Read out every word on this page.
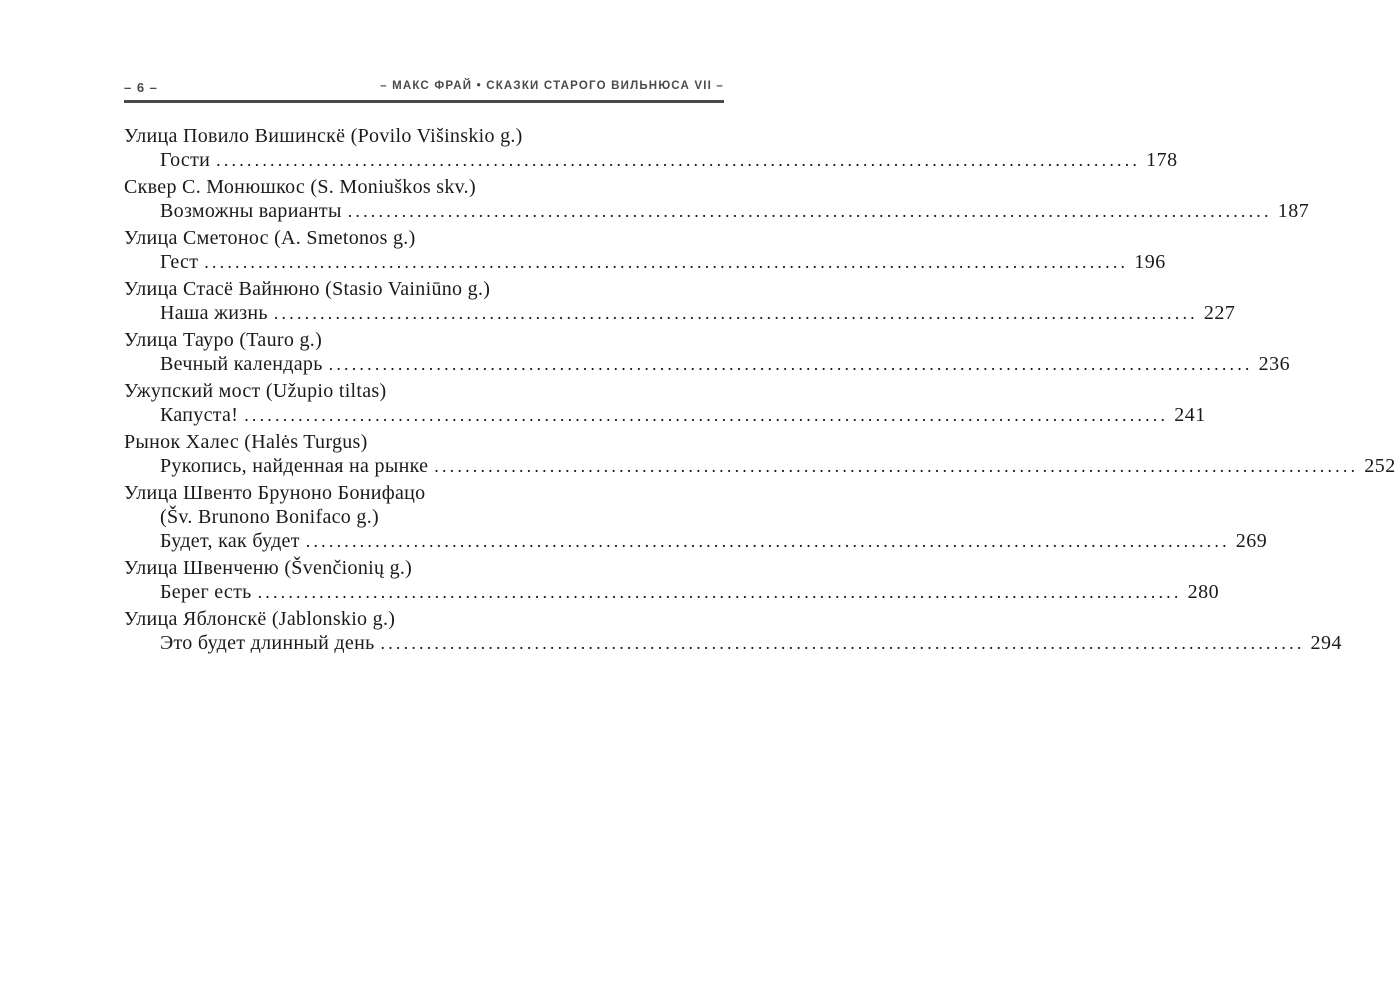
– 6 –	– МАКС ФРАЙ • СКАЗКИ СТАРОГО ВИЛЬНЮСА VII –
Улица Повило Вишинскё (Povilo Višinskio g.)
Гости ........................................................................................................................ 178
Сквер С. Монюшкос (S. Moniuškos skv.)
Возможны варианты ........................................................................................................................ 187
Улица Сметонос (A. Smetonos g.)
Гест ........................................................................................................................ 196
Улица Стасё Вайнюно (Stasio Vainiūno g.)
Наша жизнь ........................................................................................................................ 227
Улица Тауро (Tauro g.)
Вечный календарь ........................................................................................................................ 236
Ужупский мост (Užupio tiltas)
Капуста! ........................................................................................................................ 241
Рынок Халес (Halės Turgus)
Рукопись, найденная на рынке ........................................................................................................................ 252
Улица Швенто Бруноно Бонифацо
(Šv. Brunono Bonifaco g.)
Будет, как будет ........................................................................................................................ 269
Улица Швенченю (Švenčionių g.)
Берег есть ........................................................................................................................ 280
Улица Яблонскё (Jablonskio g.)
Это будет длинный день ........................................................................................................................ 294
